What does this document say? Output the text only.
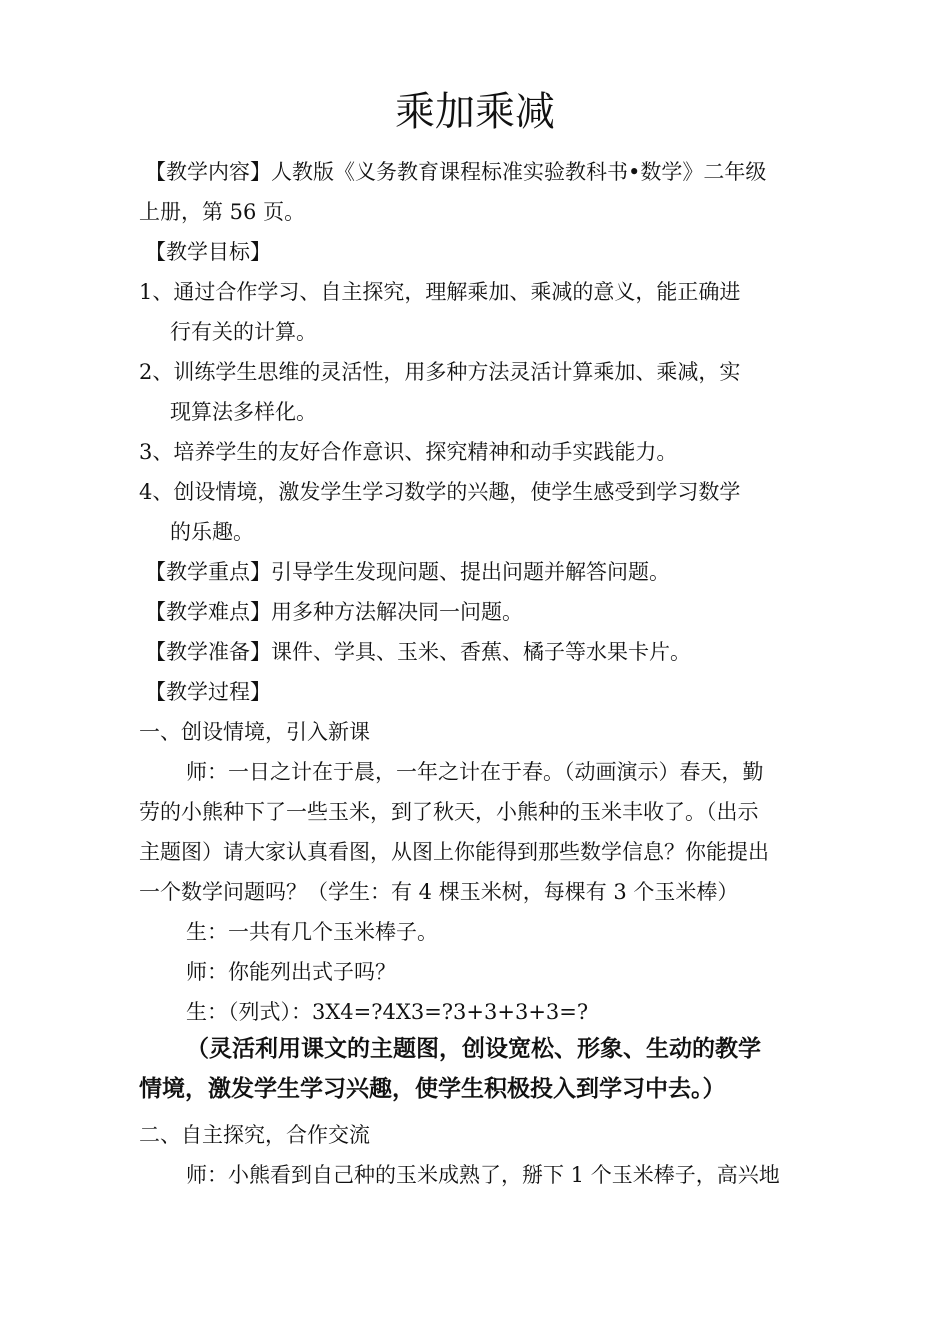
乘加乘减
【教学内容】人教版《义务教育课程标准实验教科书•数学》二年级
上册，第 56 页。
【教学目标】
1、通过合作学习、自主探究，理解乘加、乘减的意义，能正确进
行有关的计算。
2、训练学生思维的灵活性，用多种方法灵活计算乘加、乘减，实
现算法多样化。
3、培养学生的友好合作意识、探究精神和动手实践能力。
4、创设情境，激发学生学习数学的兴趣，使学生感受到学习数学
的乐趣。
【教学重点】引导学生发现问题、提出问题并解答问题。
【教学难点】用多种方法解决同一问题。
【教学准备】课件、学具、玉米、香蕉、橘子等水果卡片。
【教学过程】
一、创设情境，引入新课
师：一日之计在于晨，一年之计在于春。（动画演示）春天，勤
劳的小熊种下了一些玉米，到了秋天，小熊种的玉米丰收了。（出示
主题图）请大家认真看图，从图上你能得到那些数学信息？你能提出
一个数学问题吗？（学生：有 4 棵玉米树，每棵有 3 个玉米棒）
生：一共有几个玉米棒子。
师：你能列出式子吗？
生：（列式）：3X4=?4X3=?3+3+3+3=?
（灵活利用课文的主题图，创设宽松、形象、生动的教学
情境，激发学生学习兴趣，使学生积极投入到学习中去。）
二、自主探究，合作交流
师：小熊看到自己种的玉米成熟了，掰下 1 个玉米棒子，高兴地
